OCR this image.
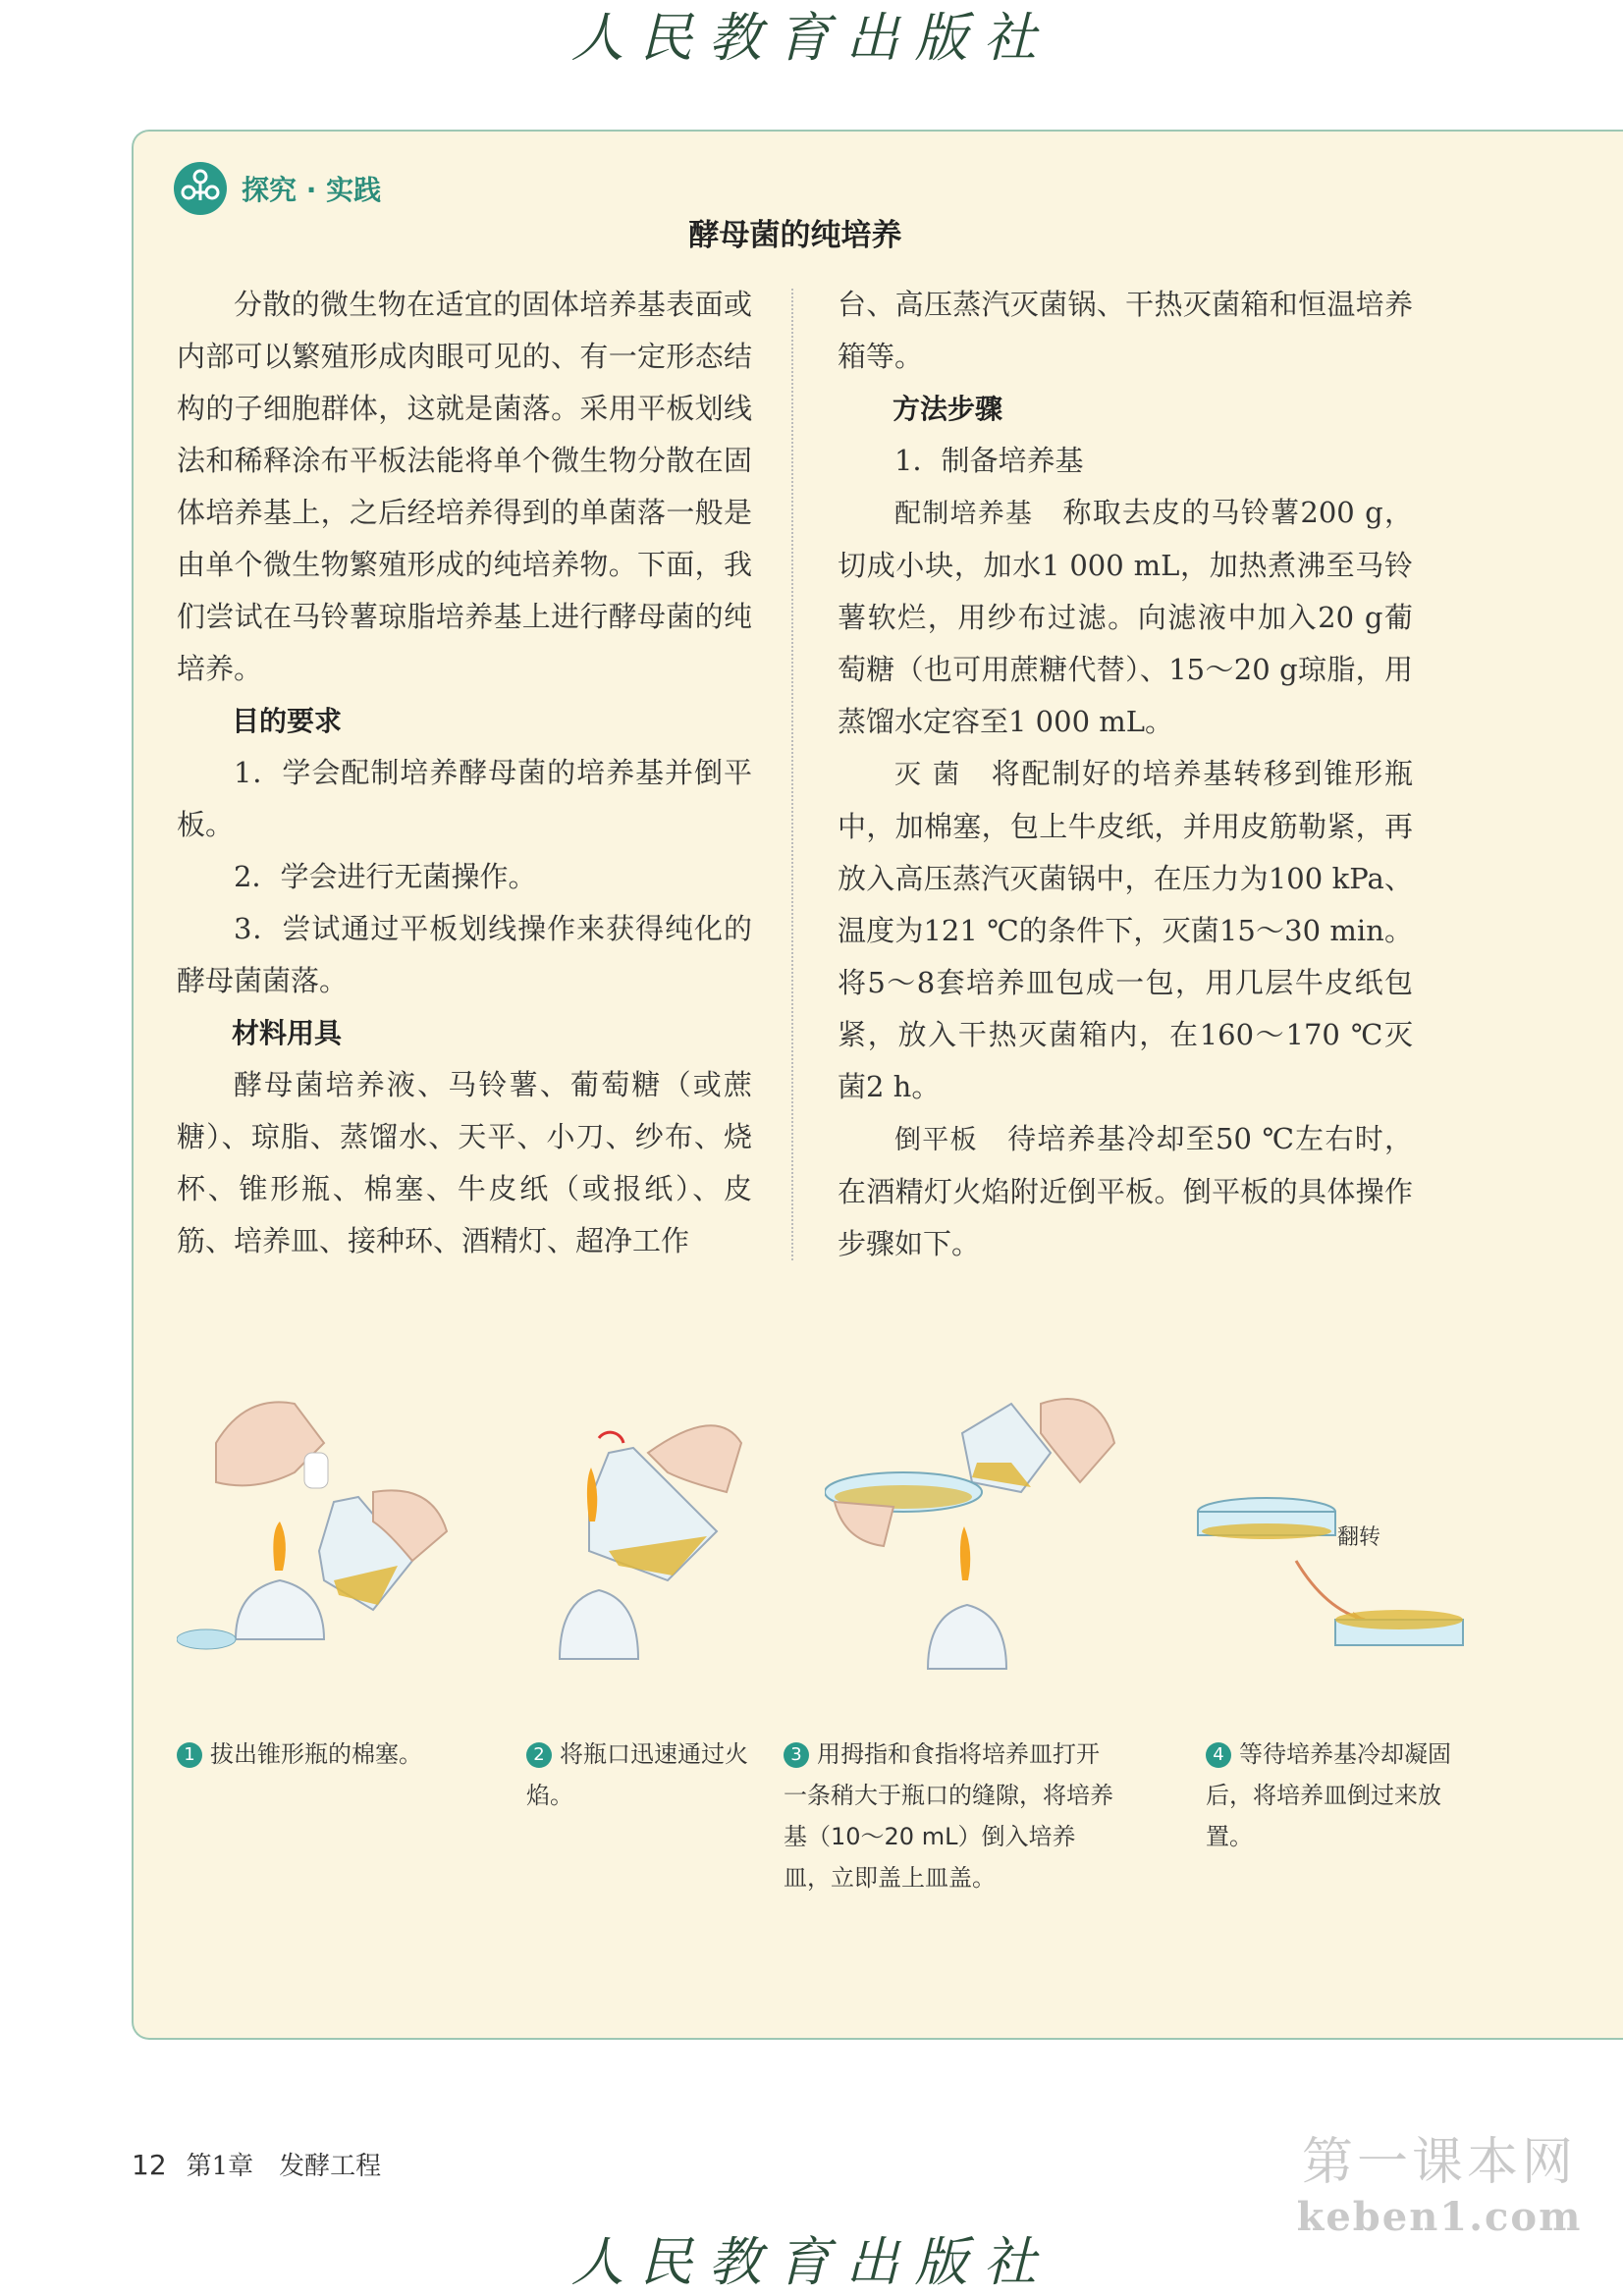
人民教育出版社
探究 · 实践
酵母菌的纯培养

分散的微生物在适宜的固体培养基表面或内部可以繁殖形成肉眼可见的、有一定形态结构的子细胞群体，这就是菌落。采用平板划线法和稀释涂布平板法能将单个微生物分散在固体培养基上，之后经培养得到的单菌落一般是由单个微生物繁殖形成的纯培养物。下面，我们尝试在马铃薯琼脂培养基上进行酵母菌的纯培养。

目的要求

1．学会配制培养酵母菌的培养基并倒平板。

2．学会进行无菌操作。

3．尝试通过平板划线操作来获得纯化的酵母菌菌落。

材料用具

酵母菌培养液、马铃薯、葡萄糖（或蔗糖）、琼脂、蒸馏水、天平、小刀、纱布、烧杯、锥形瓶、棉塞、牛皮纸（或报纸）、皮筋、培养皿、接种环、酒精灯、超净工作

台、高压蒸汽灭菌锅、干热灭菌箱和恒温培养箱等。

方法步骤

1．制备培养基

配制培养基　 称取去皮的马铃薯200 g，切成小块，加水1 000 mL，加热煮沸至马铃薯软烂，用纱布过滤。向滤液中加入20 g葡萄糖（也可用蔗糖代替）、15～20 g琼脂，用蒸馏水定容至1 000 mL。

灭 菌　 将配制好的培养基转移到锥形瓶中，加棉塞，包上牛皮纸，并用皮筋勒紧，再放入高压蒸汽灭菌锅中，在压力为100 kPa、温度为121 ℃的条件下，灭菌15～30 min。将5～8套培养皿包成一包，用几层牛皮纸包紧，放入干热灭菌箱内，在160～170 ℃灭菌2 h。

倒平板　 待培养基冷却至50 ℃左右时，在酒精灯火焰附近倒平板。倒平板的具体操作步骤如下。

翻转
1 拔出锥形瓶的棉塞。	2 将瓶口迅速通过火焰。
3 用拇指和食指将培养皿打开一条稍大于瓶口的缝隙，将培养基（10～20 mL）倒入培养皿，立即盖上皿盖。
4 等待培养基冷却凝固后，将培养皿倒过来放置。
12 第1章　发酵工程	第一课本网
keben1.com
人民教育出版社
